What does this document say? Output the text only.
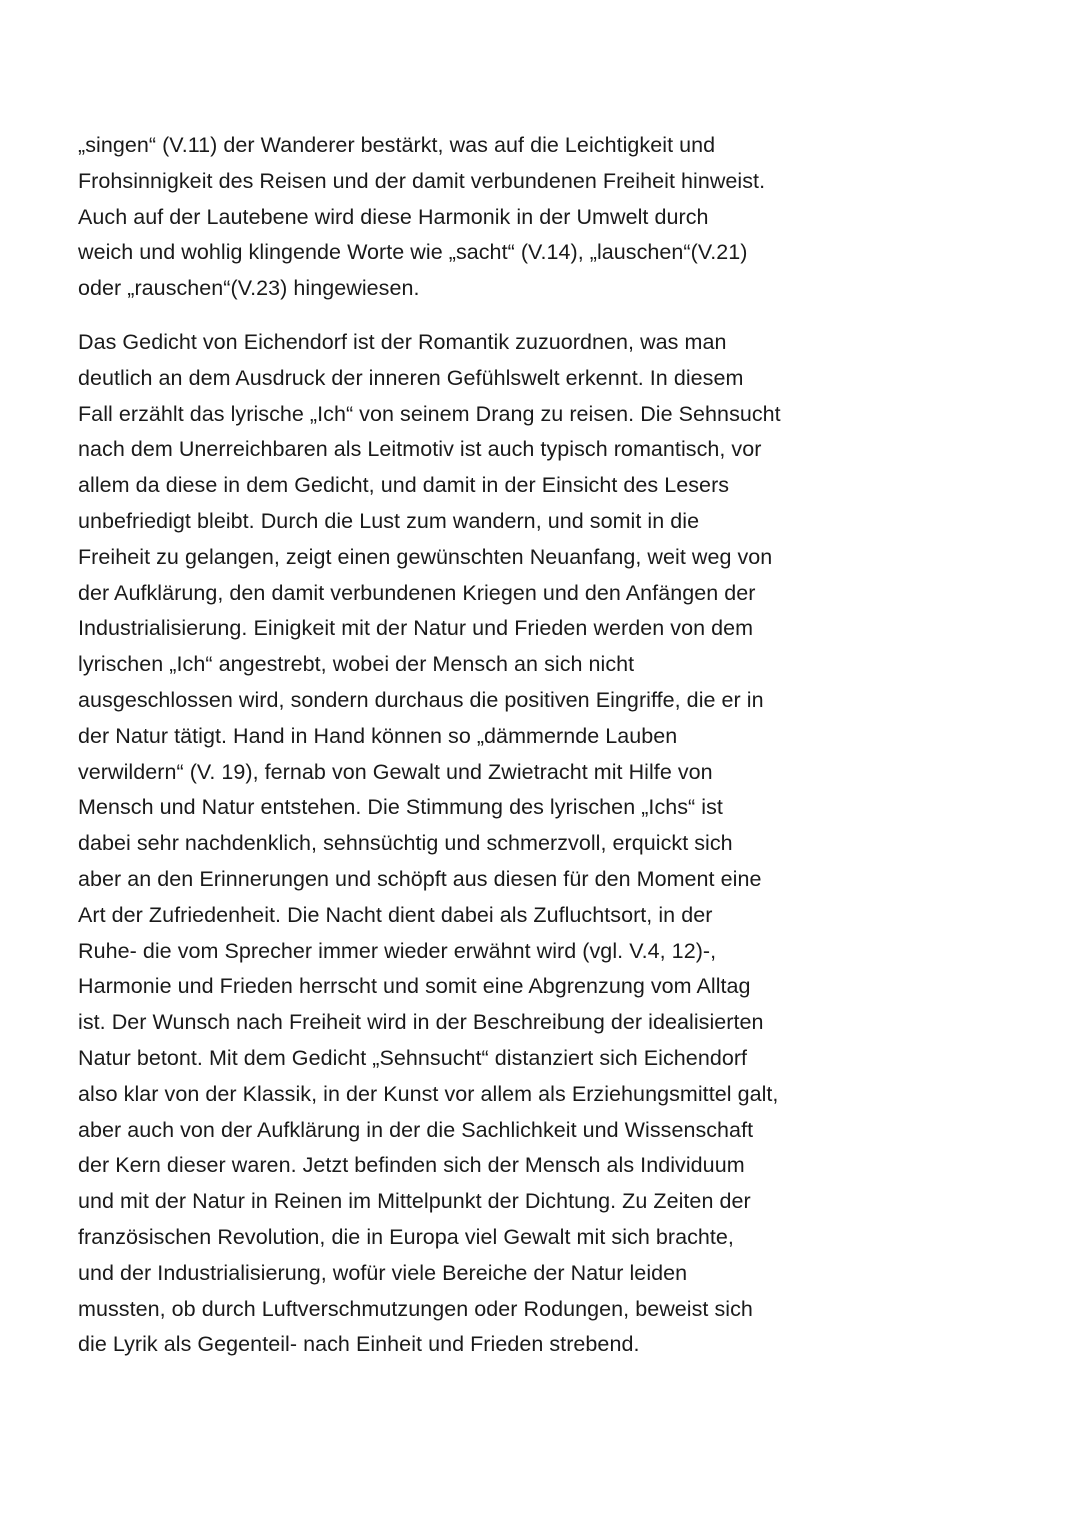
„singen“ (V.11) der Wanderer bestärkt, was auf die Leichtigkeit und
Frohsinnigkeit des Reisen und der damit verbundenen Freiheit hinweist.
Auch auf der Lautebene wird diese Harmonik in der Umwelt durch
weich und wohlig klingende Worte wie „sacht“ (V.14), „lauschen“(V.21)
oder „rauschen“(V.23) hingewiesen.
Das Gedicht von Eichendorf ist der Romantik zuzuordnen, was man
deutlich an dem Ausdruck der inneren Gefühlswelt erkennt. In diesem
Fall erzählt das lyrische „Ich“ von seinem Drang zu reisen. Die Sehnsucht
nach dem Unerreichbaren als Leitmotiv ist auch typisch romantisch, vor
allem da diese in dem Gedicht, und damit in der Einsicht des Lesers
unbefriedigt bleibt. Durch die Lust zum wandern, und somit in die
Freiheit zu gelangen, zeigt einen gewünschten Neuanfang, weit weg von
der Aufklärung, den damit verbundenen Kriegen und den Anfängen der
Industrialisierung. Einigkeit mit der Natur und Frieden werden von dem
lyrischen „Ich“ angestrebt, wobei der Mensch an sich nicht
ausgeschlossen wird, sondern durchaus die positiven Eingriffe, die er in
der Natur tätigt. Hand in Hand können so „dämmernde Lauben
verwildern“ (V. 19), fernab von Gewalt und Zwietracht mit Hilfe von
Mensch und Natur entstehen. Die Stimmung des lyrischen „Ichs“ ist
dabei sehr nachdenklich, sehnsüchtig und schmerzvoll, erquickt sich
aber an den Erinnerungen und schöpft aus diesen für den Moment eine
Art der Zufriedenheit. Die Nacht dient dabei als Zufluchtsort, in der
Ruhe- die vom Sprecher immer wieder erwähnt wird (vgl. V.4, 12)-,
Harmonie und Frieden herrscht und somit eine Abgrenzung vom Alltag
ist. Der Wunsch nach Freiheit wird in der Beschreibung der idealisierten
Natur betont. Mit dem Gedicht „Sehnsucht“ distanziert sich Eichendorf
also klar von der Klassik, in der Kunst vor allem als Erziehungsmittel galt,
aber auch von der Aufklärung in der die Sachlichkeit und Wissenschaft
der Kern dieser waren. Jetzt befinden sich der Mensch als Individuum
und mit der Natur in Reinen im Mittelpunkt der Dichtung. Zu Zeiten der
französischen Revolution, die in Europa viel Gewalt mit sich brachte,
und der Industrialisierung, wofür viele Bereiche der Natur leiden
mussten, ob durch Luftverschmutzungen oder Rodungen, beweist sich
die Lyrik als Gegenteil- nach Einheit und Frieden strebend.
